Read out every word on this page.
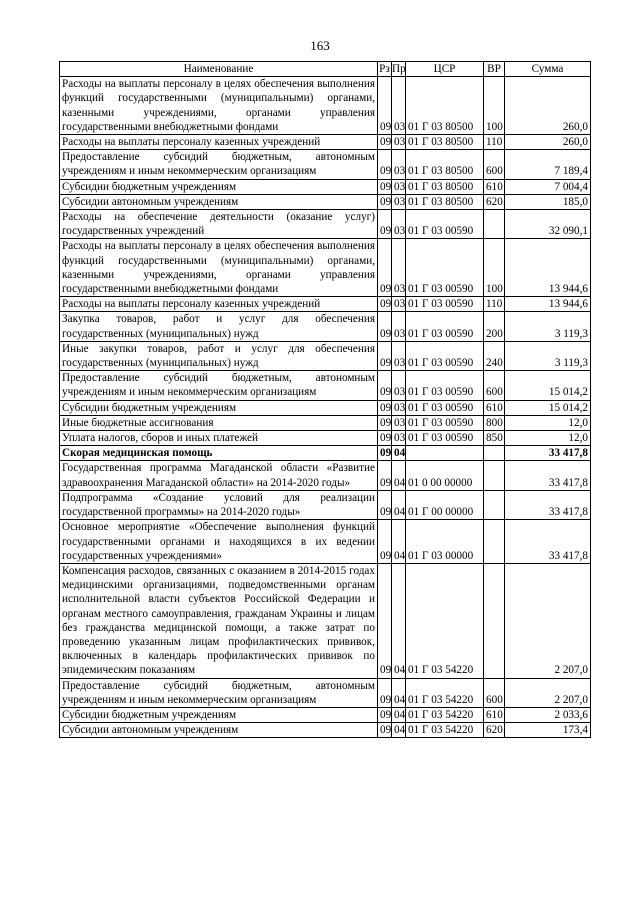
163
Наименование	Рз	Пр	ЦСР	ВР	Сумма
Расходы на выплаты персоналу в целях обеспечения выполнения функций государственными (муниципальными) органами, казенными учреждениями, органами управления государственными внебюджетными фондами	09	03	01 Г 03 80500	100	260,0
Расходы на выплаты персоналу казенных учреждений	09	03	01 Г 03 80500	110	260,0
Предоставление субсидий бюджетным, автономным учреждениям и иным некоммерческим организациям	09	03	01 Г 03 80500	600	7 189,4
Субсидии бюджетным учреждениям	09	03	01 Г 03 80500	610	7 004,4
Субсидии автономным учреждениям	09	03	01 Г 03 80500	620	185,0
Расходы на обеспечение деятельности (оказание услуг) государственных учреждений	09	03	01 Г 03 00590		32 090,1
Расходы на выплаты персоналу в целях обеспечения выполнения функций государственными (муниципальными) органами, казенными учреждениями, органами управления государственными внебюджетными фондами	09	03	01 Г 03 00590	100	13 944,6
Расходы на выплаты персоналу казенных учреждений	09	03	01 Г 03 00590	110	13 944,6
Закупка товаров, работ и услуг для обеспечения государственных (муниципальных) нужд	09	03	01 Г 03 00590	200	3 119,3
Иные закупки товаров, работ и услуг для обеспечения государственных (муниципальных) нужд	09	03	01 Г 03 00590	240	3 119,3
Предоставление субсидий бюджетным, автономным учреждениям и иным некоммерческим организациям	09	03	01 Г 03 00590	600	15 014,2
Субсидии бюджетным учреждениям	09	03	01 Г 03 00590	610	15 014,2
Иные бюджетные ассигнования	09	03	01 Г 03 00590	800	12,0
Уплата налогов, сборов и иных платежей	09	03	01 Г 03 00590	850	12,0
Скорая медицинская помощь	09	04			33 417,8
Государственная программа Магаданской области «Развитие здравоохранения Магаданской области» на 2014-2020 годы»	09	04	01 0 00 00000		33 417,8
Подпрограмма «Создание условий для реализации государственной программы» на 2014-2020 годы»	09	04	01 Г 00 00000		33 417,8
Основное мероприятие «Обеспечение выполнения функций государственными органами и находящихся в их ведении государственных учреждениями»	09	04	01 Г 03 00000		33 417,8
Компенсация расходов, связанных с оказанием в 2014-2015 годах медицинскими организациями, подведомственными органам исполнительной власти субъектов Российской Федерации и органам местного самоуправления, гражданам Украины и лицам без гражданства медицинской помощи, а также затрат по проведению указанным лицам профилактических прививок, включенных в календарь профилактических прививок по эпидемическим показаниям	09	04	01 Г 03 54220		2 207,0
Предоставление субсидий бюджетным, автономным учреждениям и иным некоммерческим организациям	09	04	01 Г 03 54220	600	2 207,0
Субсидии бюджетным учреждениям	09	04	01 Г 03 54220	610	2 033,6
Субсидии автономным учреждениям	09	04	01 Г 03 54220	620	173,4
